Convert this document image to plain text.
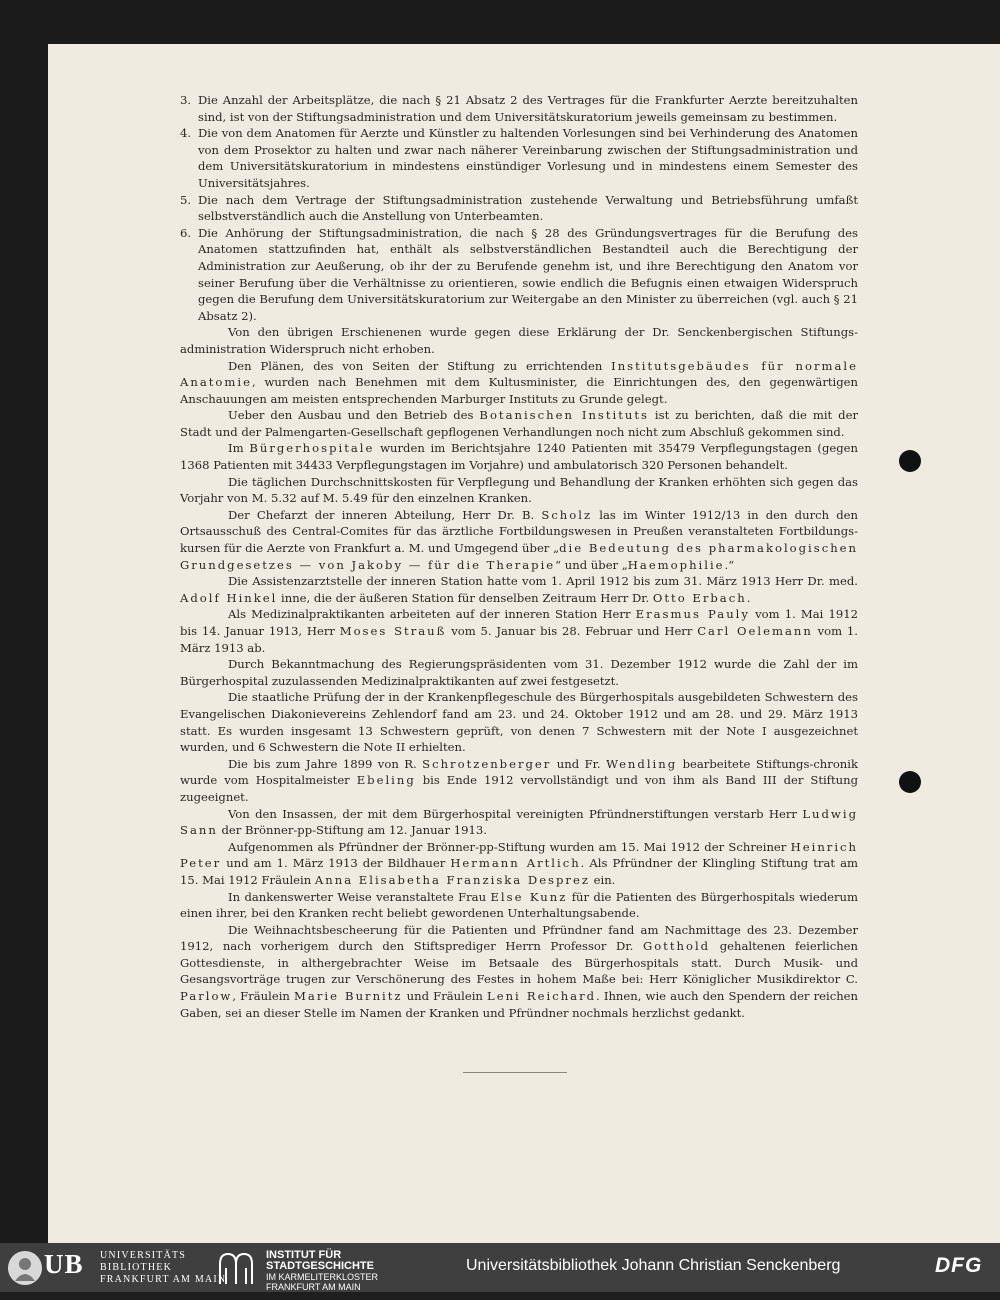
3. Die Anzahl der Arbeitsplätze, die nach § 21 Absatz 2 des Vertrages für die Frankfurter Aerzte bereitzuhalten sind, ist von der Stiftungsadministration und dem Universitätskuratorium jeweils gemeinsam zu bestimmen.

4. Die von dem Anatomen für Aerzte und Künstler zu haltenden Vorlesungen sind bei Verhinderung des Anatomen von dem Prosektor zu halten und zwar nach näherer Vereinbarung zwischen der Stiftungsadministration und dem Universitätskuratorium in mindestens einstündiger Vorlesung und in mindestens einem Semester des Universitätsjahres.

5. Die nach dem Vertrage der Stiftungsadministration zustehende Verwaltung und Betriebsführung umfaßt selbstverständlich auch die Anstellung von Unterbeamten.

6. Die Anhörung der Stiftungsadministration, die nach § 28 des Gründungsvertrages für die Berufung des Anatomen stattzufinden hat, enthält als selbstverständlichen Bestandteil auch die Berechtigung der Administration zur Aeußerung, ob ihr der zu Berufende genehm ist, und ihre Berechtigung den Anatom vor seiner Berufung über die Verhältnisse zu orientieren, sowie endlich die Befugnis einen etwaigen Widerspruch gegen die Berufung dem Universitätskuratorium zur Weitergabe an den Minister zu überreichen (vgl. auch § 21 Absatz 2).

Von den übrigen Erschienenen wurde gegen diese Erklärung der Dr. Senckenbergischen Stiftungs-administration Widerspruch nicht erhoben.

Den Plänen, des von Seiten der Stiftung zu errichtenden Institutsgebäudes für normale Anatomie, wurden nach Benehmen mit dem Kultusminister, die Einrichtungen des, den gegenwärtigen Anschauungen am meisten entsprechenden Marburger Instituts zu Grunde gelegt.

Ueber den Ausbau und den Betrieb des Botanischen Instituts ist zu berichten, daß die mit der Stadt und der Palmengarten-Gesellschaft gepflogenen Verhandlungen noch nicht zum Abschluß gekommen sind.

Im Bürgerhospitale wurden im Berichtsjahre 1240 Patienten mit 35479 Verpflegungstagen (gegen 1368 Patienten mit 34433 Verpflegungstagen im Vorjahre) und ambulatorisch 320 Personen behandelt.

Die täglichen Durchschnittskosten für Verpflegung und Behandlung der Kranken erhöhten sich gegen das Vorjahr von M. 5.32 auf M. 5.49 für den einzelnen Kranken.

Der Chefarzt der inneren Abteilung, Herr Dr. B. Scholz las im Winter 1912/13 in den durch den Ortsausschuß des Central-Comites für das ärztliche Fortbildungswesen in Preußen veranstalteten Fortbildungs-kursen für die Aerzte von Frankfurt a. M. und Umgegend über „die Bedeutung des pharmakologischen Grundgesetzes — von Jakoby — für die Therapie“ und über „Haemophilie.“

Die Assistenzarztstelle der inneren Station hatte vom 1. April 1912 bis zum 31. März 1913 Herr Dr. med. Adolf Hinkel inne, die der äußeren Station für denselben Zeitraum Herr Dr. Otto Erbach.

Als Medizinalpraktikanten arbeiteten auf der inneren Station Herr Erasmus Pauly vom 1. Mai 1912 bis 14. Januar 1913, Herr Moses Strauß vom 5. Januar bis 28. Februar und Herr Carl Oelemann vom 1. März 1913 ab.

Durch Bekanntmachung des Regierungspräsidenten vom 31. Dezember 1912 wurde die Zahl der im Bürgerhospital zuzulassenden Medizinalpraktikanten auf zwei festgesetzt.

Die staatliche Prüfung der in der Krankenpflegeschule des Bürgerhospitals ausgebildeten Schwestern des Evangelischen Diakonievereins Zehlendorf fand am 23. und 24. Oktober 1912 und am 28. und 29. März 1913 statt. Es wurden insgesamt 13 Schwestern geprüft, von denen 7 Schwestern mit der Note I ausgezeichnet wurden, und 6 Schwestern die Note II erhielten.

Die bis zum Jahre 1899 von R. Schrotzenberger und Fr. Wendling bearbeitete Stiftungs-chronik wurde vom Hospitalmeister Ebeling bis Ende 1912 vervollständigt und von ihm als Band III der Stiftung zugeeignet.

Von den Insassen, der mit dem Bürgerhospital vereinigten Pfründnerstiftungen verstarb Herr Ludwig Sann der Brönner-pp-Stiftung am 12. Januar 1913.

Aufgenommen als Pfründner der Brönner-pp-Stiftung wurden am 15. Mai 1912 der Schreiner Heinrich Peter und am 1. März 1913 der Bildhauer Hermann Artlich. Als Pfründner der Klingling Stiftung trat am 15. Mai 1912 Fräulein Anna Elisabetha Franziska Desprez ein.

In dankenswerter Weise veranstaltete Frau Else Kunz für die Patienten des Bürgerhospitals wiederum einen ihrer, bei den Kranken recht beliebt gewordenen Unterhaltungsabende.

Die Weihnachtsbescheerung für die Patienten und Pfründner fand am Nachmittage des 23. Dezember 1912, nach vorherigem durch den Stiftsprediger Herrn Professor Dr. Gotthold gehaltenen feierlichen Gottesdienste, in althergebrachter Weise im Betsaale des Bürgerhospitals statt. Durch Musik- und Gesangsvorträge trugen zur Verschönerung des Festes in hohem Maße bei: Herr Königlicher Musikdirektor C. Parlow, Fräulein Marie Burnitz und Fräulein Leni Reichard. Ihnen, wie auch den Spendern der reichen Gaben, sei an dieser Stelle im Namen der Kranken und Pfründner nochmals herzlichst gedankt.

UB UNIVERSITÄTS
BIBLIOTHEK
FRANKFURT AM MAIN
INSTITUT FÜR
STADTGESCHICHTE
IM KARMELITERKLOSTER
FRANKFURT AM MAIN
Universitätsbibliothek Johann Christian Senckenberg	DFG
